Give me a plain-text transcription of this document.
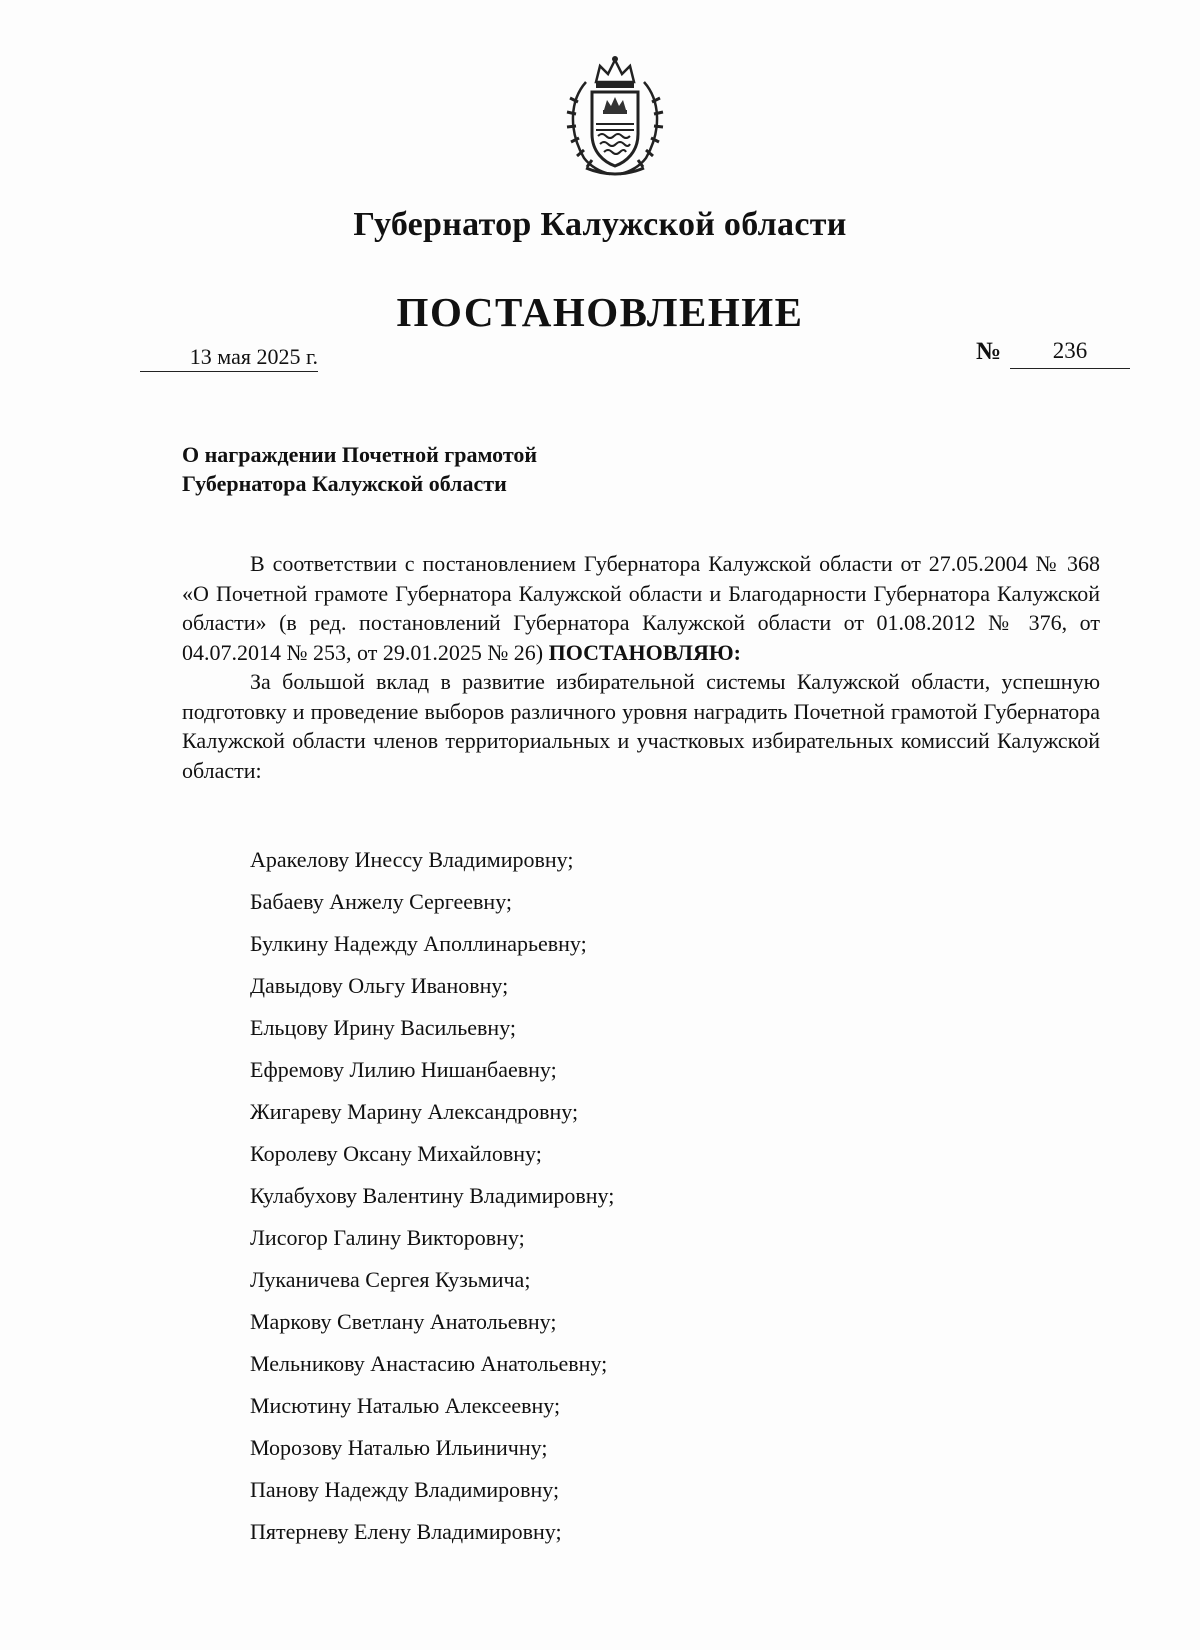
Губернатор Калужской области
ПОСТАНОВЛЕНИЕ
13 мая 2025 г.	№	236
О награждении Почетной грамотой
Губернатора Калужской области

В соответствии с постановлением Губернатора Калужской области от 27.05.2004 № 368 «О Почетной грамоте Губернатора Калужской области и Благодарности Губернатора Калужской области» (в ред. постановлений Губернатора Калужской области от 01.08.2012 № 376, от 04.07.2014 № 253, от 29.01.2025 № 26) ПОСТАНОВЛЯЮ:

За большой вклад в развитие избирательной системы Калужской области, успешную подготовку и проведение выборов различного уровня наградить Почетной грамотой Губернатора Калужской области членов территориальных и участковых избирательных комиссий Калужской области:

Аракелову Инессу Владимировну;
Бабаеву Анжелу Сергеевну;
Булкину Надежду Аполлинарьевну;
Давыдову Ольгу Ивановну;
Ельцову Ирину Васильевну;
Ефремову Лилию Нишанбаевну;
Жигареву Марину Александровну;
Королеву Оксану Михайловну;
Кулабухову Валентину Владимировну;
Лисогор Галину Викторовну;
Луканичева Сергея Кузьмича;
Маркову Светлану Анатольевну;
Мельникову Анастасию Анатольевну;
Мисютину Наталью Алексеевну;
Морозову Наталью Ильиничну;
Панову Надежду Владимировну;
Пятерневу Елену Владимировну;
